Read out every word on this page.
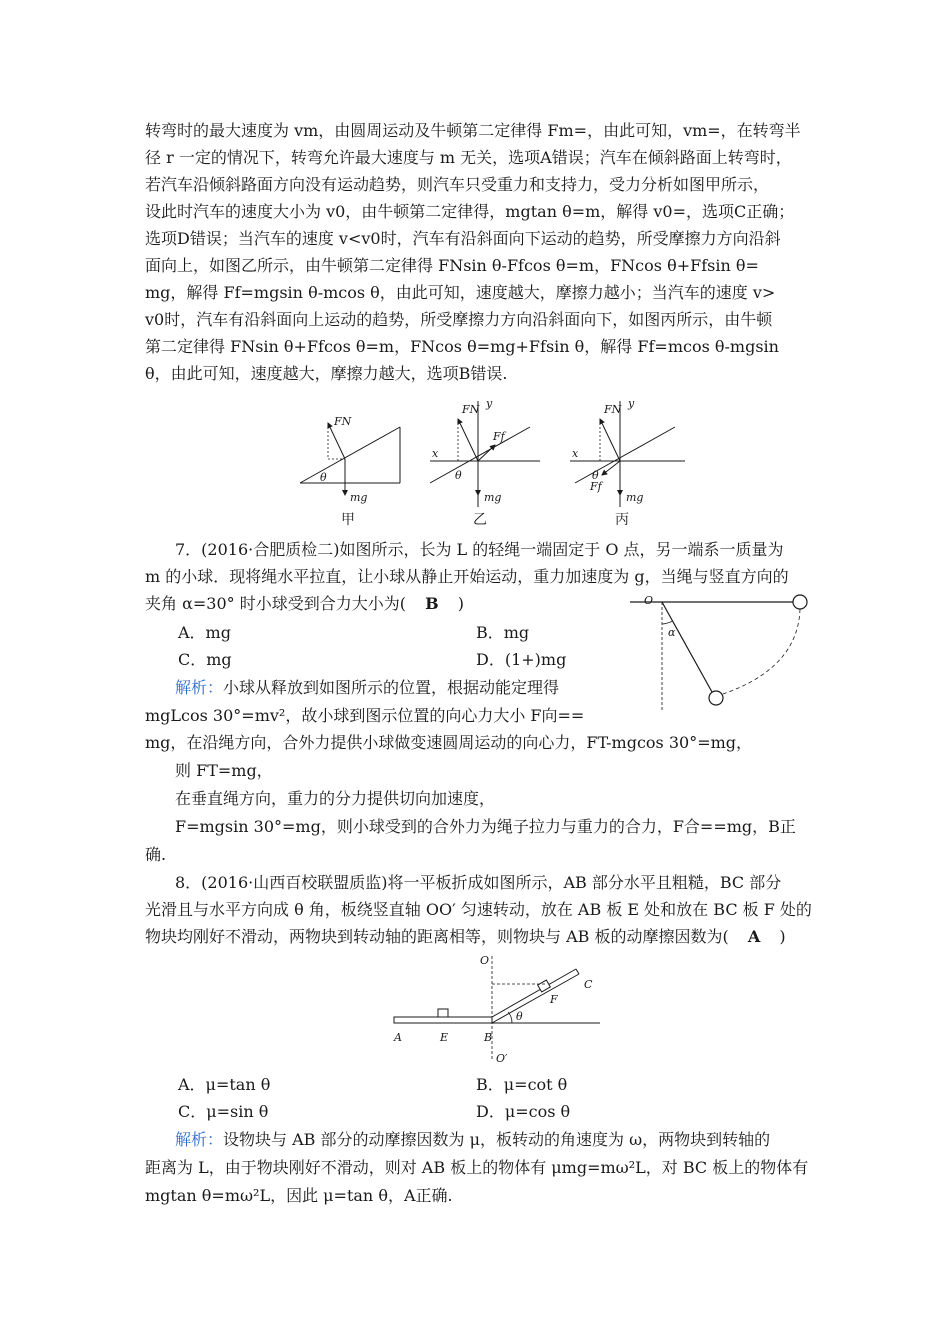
转弯时的最大速度为 vm，由圆周运动及牛顿第二定律得 Fm=，由此可知，vm=，在转弯半
径 r 一定的情况下，转弯允许最大速度与 m 无关，选项A错误；汽车在倾斜路面上转弯时，
若汽车沿倾斜路面方向没有运动趋势，则汽车只受重力和支持力，受力分析如图甲所示，
设此时汽车的速度大小为 v0，由牛顿第二定律得，mgtan θ=m，解得 v0=，选项C正确；
选项D错误；当汽车的速度 v<v0时，汽车有沿斜面向下运动的趋势，所受摩擦力方向沿斜
面向上，如图乙所示，由牛顿第二定律得 FNsin θ-Ffcos θ=m，FNcos θ+Ffsin θ=
mg，解得 Ff=mgsin θ-mcos θ，由此可知，速度越大，摩擦力越小；当汽车的速度 v>
v0时，汽车有沿斜面向上运动的趋势，所受摩擦力方向沿斜面向下，如图丙所示，由牛顿
第二定律得 FNsin θ+Ffcos θ=m，FNcos θ=mg+Ffsin θ，解得 Ff=mcos θ-mgsin
θ，由此可知，速度越大，摩擦力越大，选项B错误.
FN
mg
θ
FN y
x
Ff
mg
θ
FN y
x
Ff
mg
θ
甲	乙	丙
7．(2016·合肥质检二)如图所示，长为 L 的轻绳一端固定于 O 点，另一端系一质量为
m 的小球．现将绳水平拉直，让小球从静止开始运动，重力加速度为 g，当绳与竖直方向的
夹角 α=30° 时小球受到合力大小为( B )
A．mg	B．mg
C．mg	D．(1+)mg
解析：小球从释放到如图所示的位置，根据动能定理得
mgLcos 30°=mv²，故小球到图示位置的向心力大小 F向==
mg，在沿绳方向，合外力提供小球做变速圆周运动的向心力，FT-mgcos 30°=mg，
则 FT=mg，
在垂直绳方向，重力的分力提供切向加速度，
F=mgsin 30°=mg，则小球受到的合外力为绳子拉力与重力的合力，F合==mg，B正
确.
O
α
8．(2016·山西百校联盟质监)将一平板折成如图所示，AB 部分水平且粗糙，BC 部分
光滑且与水平方向成 θ 角，板绕竖直轴 OO′ 匀速转动，放在 AB 板 E 处和放在 BC 板 F 处的
物块均刚好不滑动，两物块到转动轴的距离相等，则物块与 AB 板的动摩擦因数为( A )
O
O′
A	E	B
F
C
θ
A．μ=tan θ	B．μ=cot θ
C．μ=sin θ	D．μ=cos θ
解析：设物块与 AB 部分的动摩擦因数为 μ，板转动的角速度为 ω，两物块到转轴的
距离为 L，由于物块刚好不滑动，则对 AB 板上的物体有 μmg=mω²L，对 BC 板上的物体有
mgtan θ=mω²L，因此 μ=tan θ，A正确.
